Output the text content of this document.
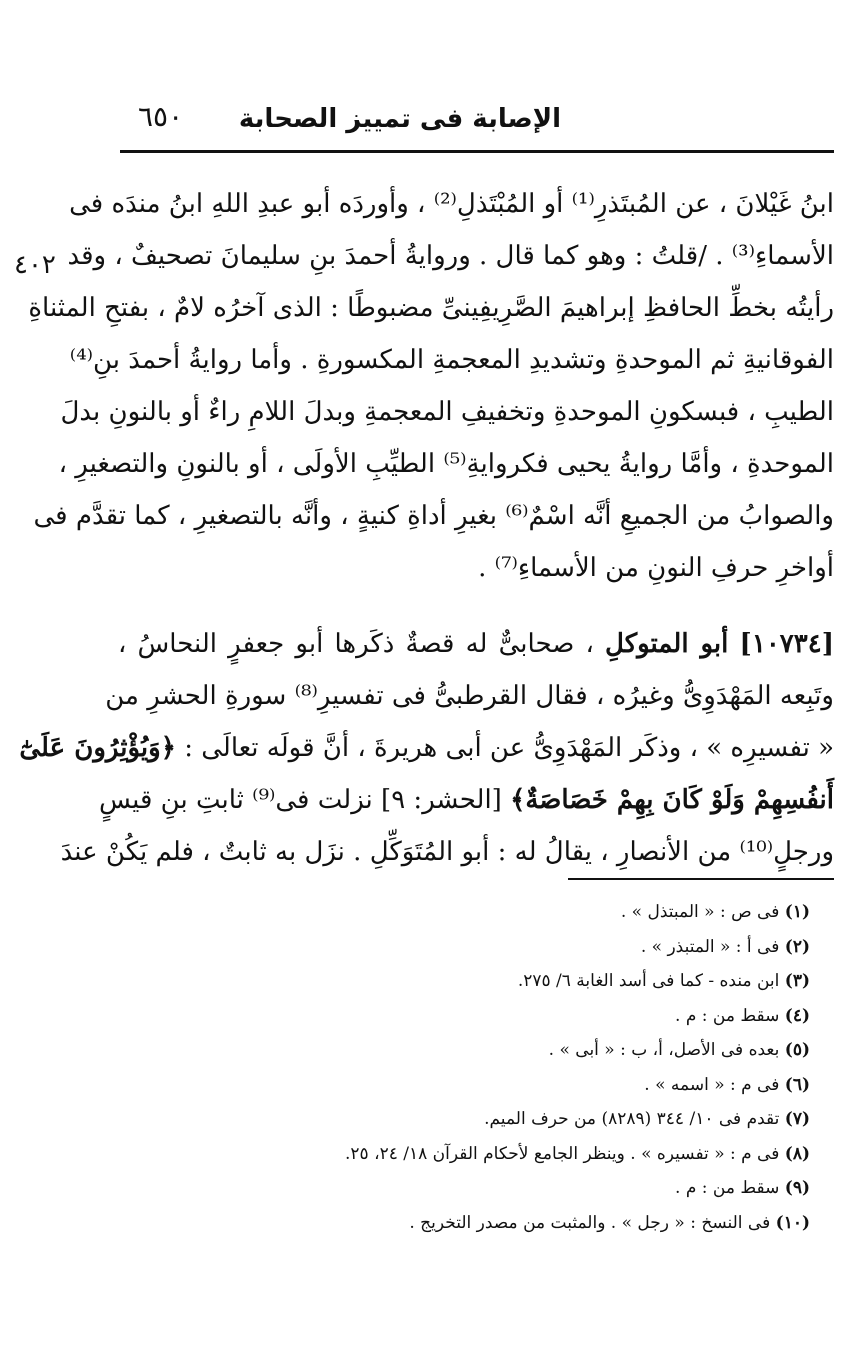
٦٥٠ الإصابة فى تمييز الصحابة
٤٠٢
ابنُ غَيْلانَ ، عن المُبتَذرِ⁽¹⁾ أو المُبْتَذلِ⁽²⁾ ، وأوردَه أبو عبدِ اللهِ ابنُ مندَه فى
الأسماءِ⁽³⁾ . /قلتُ : وهو كما قال . وروايةُ أحمدَ بنِ سليمانَ تصحيفٌ ، وقد
رأيتُه بخطِّ الحافظِ إبراهيمَ الصَّرِيفِينىِّ مضبوطًا : الذى آخرُه لامٌ ، بفتحِ المثناةِ
الفوقانيةِ ثم الموحدةِ وتشديدِ المعجمةِ المكسورةِ . وأما روايةُ أحمدَ بنِ⁽⁴⁾
الطيبِ ، فبسكونِ الموحدةِ وتخفيفِ المعجمةِ وبدلَ اللامِ راءٌ أو بالنونِ بدلَ
الموحدةِ ، وأمَّا روايةُ يحيى فكروايةِ⁽⁵⁾ الطيِّبِ الأولَى ، أو بالنونِ والتصغيرِ ،
والصوابُ من الجميعِ أنَّه اسْمٌ⁽⁶⁾ بغيرِ أداةِ كنيةٍ ، وأنَّه بالتصغيرِ ، كما تقدَّم فى
أواخرِ حرفِ النونِ من الأسماءِ⁽⁷⁾ .
[١٠٧٣٤] أبو المتوكلِ ، صحابىٌّ له قصةٌ ذكَرها أبو جعفرٍ النحاسُ ،
وتَبِعه المَهْدَوِىُّ وغيرُه ، فقال القرطبىُّ فى تفسيرِ⁽⁸⁾ سورةِ الحشرِ من
« تفسيرِه » ، وذكَر المَهْدَوِىُّ عن أبى هريرةَ ، أنَّ قولَه تعالَى : ﴿وَيُؤْثِرُونَ عَلَىٰٓ
أَنفُسِهِمْ وَلَوْ كَانَ بِهِمْ خَصَاصَةٌ﴾ [الحشر: ٩] نزلت فى⁽⁹⁾ ثابتِ بنِ قيسٍ
ورجلٍ⁽¹⁰⁾ من الأنصارِ ، يقالُ له : أبو المُتَوَكِّلِ . نزَل به ثابتٌ ، فلم يَكُنْ عندَ
(١) فى ص : « المبتذل » .
(٢) فى أ : « المتبذر » .
(٣) ابن منده - كما فى أسد الغابة ٦/ ٢٧٥.
(٤) سقط من : م .
(٥) بعده فى الأصل، أ، ب : « أبى » .
(٦) فى م : « اسمه » .
(٧) تقدم فى ١٠/ ٣٤٤ (٨٢٨٩) من حرف الميم.
(٨) فى م : « تفسيره » . وينظر الجامع لأحكام القرآن ١٨/ ٢٤، ٢٥.
(٩) سقط من : م .
(١٠) فى النسخ : « رجل » . والمثبت من مصدر التخريج .
